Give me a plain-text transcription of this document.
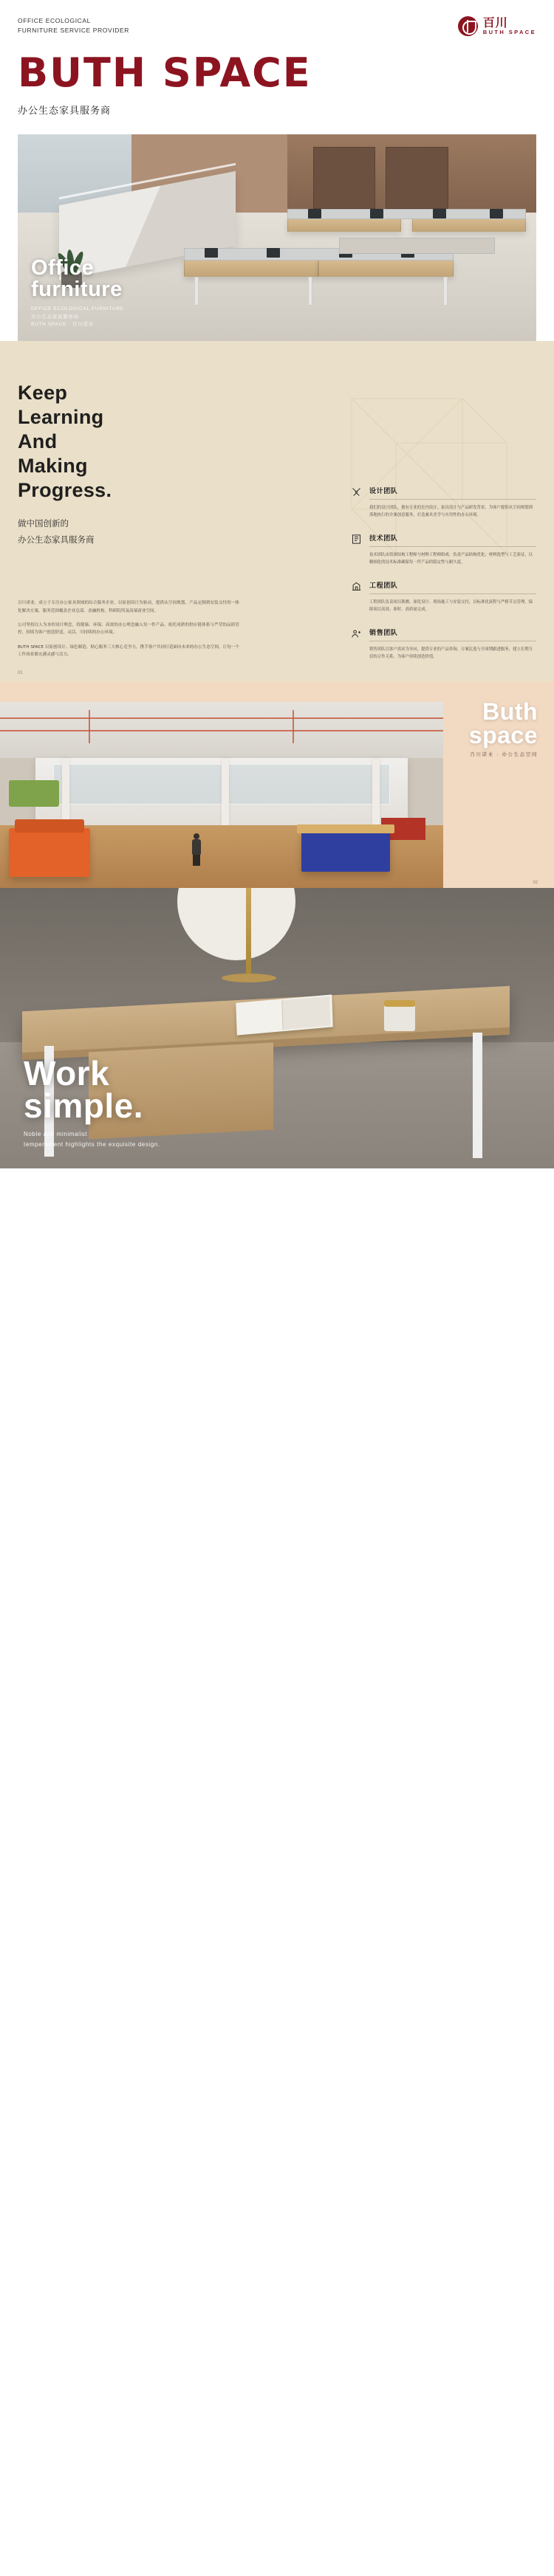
OFFICE ECOLOGICAL
FURNITURE SERVICE PROVIDER
百川
BUTH SPACE
BUTH SPACE
办公生态家具服务商
Office
furniture
OFFICE ECOLOGICAL FURNITURE
办公生态家具服务商
BUTH SPACE · 百川诺业
Keep
Learning
And
Making
Progress.
做中国创新的
办公生态家具服务商

百川诺业，成立于专注办公家具领域的综合服务企业，以原创设计为驱动，提供从空间规划、产品定制到安装交付的一体化解决方案，服务范围覆盖企业总部、金融机构、科研院所及高端商业空间。

公司坚持以人为本的设计理念，将健康、环保、高效的办公理念融入每一件产品，依托成熟的供应链体系与严苛的品质管控，持续为客户创造舒适、灵活、可持续的办公环境。

BUTH SPACE 以原创设计、绿色制造、贴心服务三大核心竞争力，携手客户共同打造面向未来的办公生态空间，让每一个工作场景都充满灵感与活力。

设计团队
我们的设计团队，拥有专业的室内设计、家具设计与产品研发背景，为客户提供从空间规划到落地执行的全案创意服务，打造兼具美学与实用性的办公环境。
技术团队
技术团队由资深结构工程师与材料工程师组成，负责产品结构优化、材料选型与工艺验证，以精细化的技术标准确保每一件产品的稳定性与耐久度。
工程团队
工程团队负责项目勘测、深化设计、现场施工与安装交付，以标准化流程与严格节点管理，保障项目高效、准时、高质量完成。
销售团队
销售团队以客户需求为导向，提供专业的产品咨询、方案比选与全周期跟进服务，建立长期互信的合作关系，为客户持续创造价值。
01
Buth
space
百川诺业 · 办公生态空间
02
Work
simple.
Noble and minimalist
temperament highlights the exquisite design.
